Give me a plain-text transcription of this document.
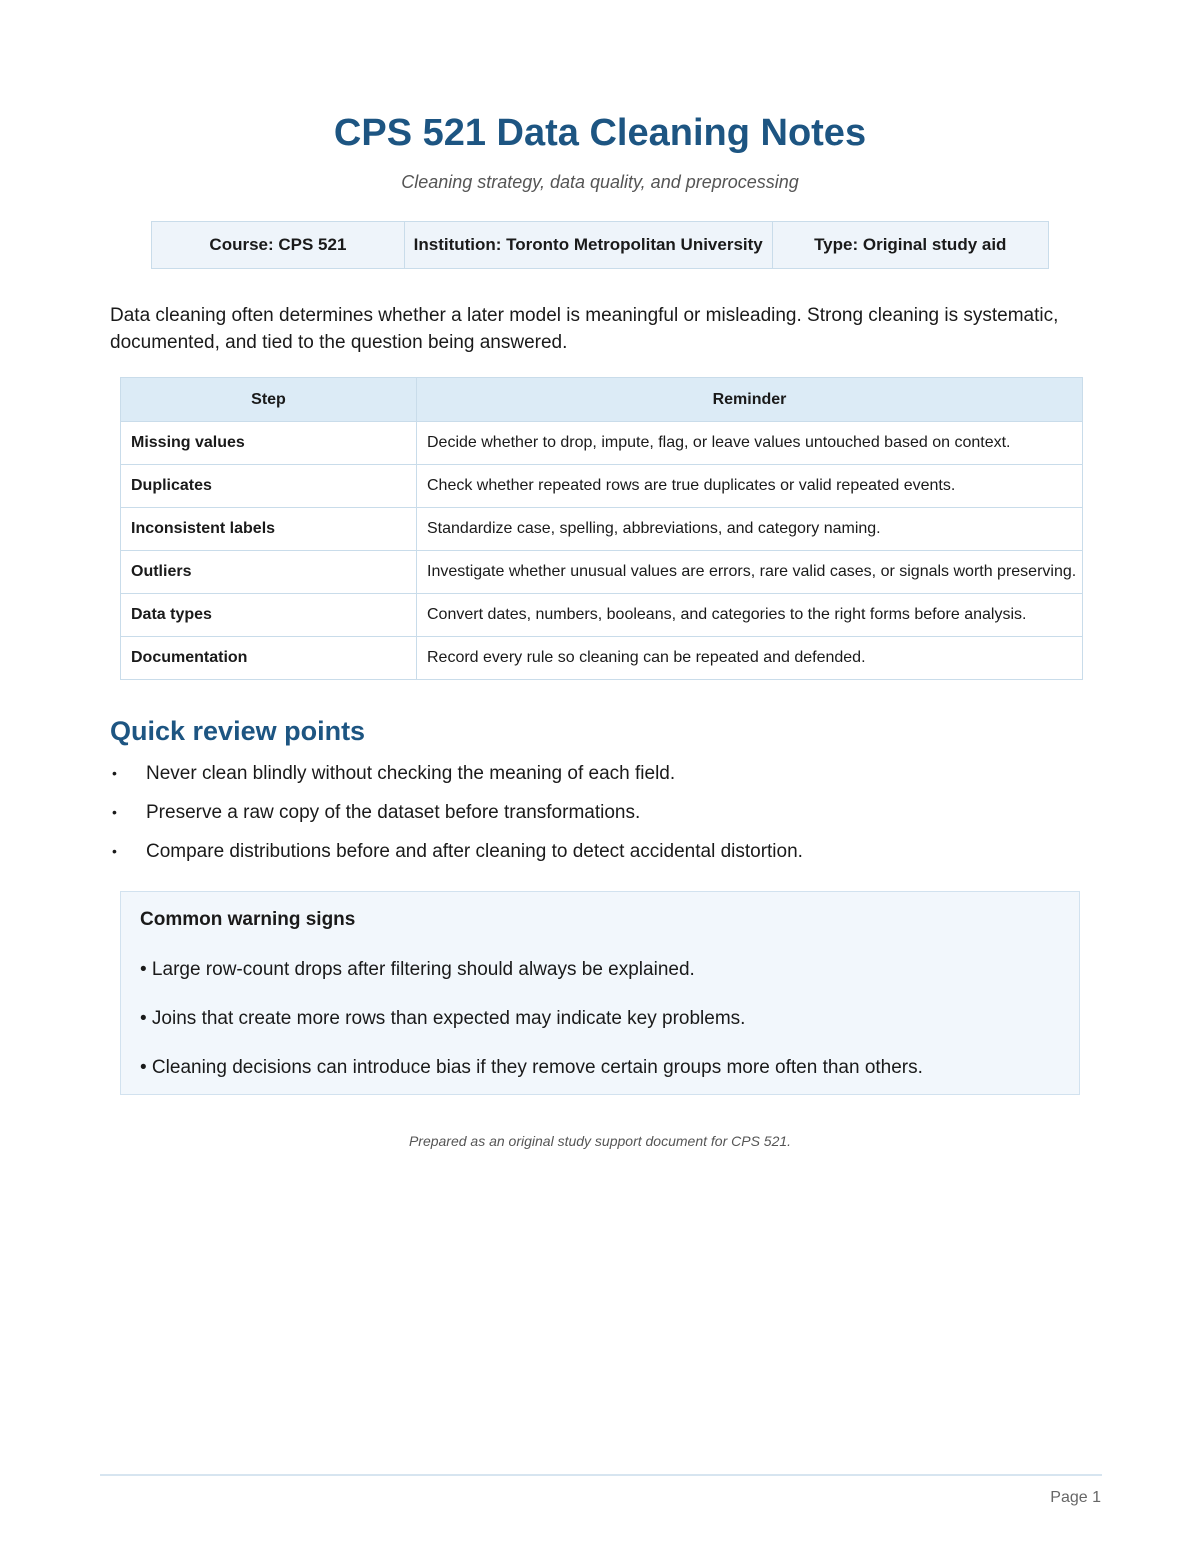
CPS 521 Data Cleaning Notes

Cleaning strategy, data quality, and preprocessing

Course: CPS 521	Institution: Toronto Metropolitan University	Type: Original study aid

Data cleaning often determines whether a later model is meaningful or misleading. Strong cleaning is systematic, documented, and tied to the question being answered.

Step	Reminder
Missing values	Decide whether to drop, impute, flag, or leave values untouched based on context.
Duplicates	Check whether repeated rows are true duplicates or valid repeated events.
Inconsistent labels	Standardize case, spelling, abbreviations, and category naming.
Outliers	Investigate whether unusual values are errors, rare valid cases, or signals worth preserving.
Data types	Convert dates, numbers, booleans, and categories to the right forms before analysis.
Documentation	Record every rule so cleaning can be repeated and defended.
Quick review points
• Never clean blindly without checking the meaning of each field.
• Preserve a raw copy of the dataset before transformations.
• Compare distributions before and after cleaning to detect accidental distortion.
Common warning signs
• Large row-count drops after filtering should always be explained.
• Joins that create more rows than expected may indicate key problems.
• Cleaning decisions can introduce bias if they remove certain groups more often than others.

Prepared as an original study support document for CPS 521.

Page 1
